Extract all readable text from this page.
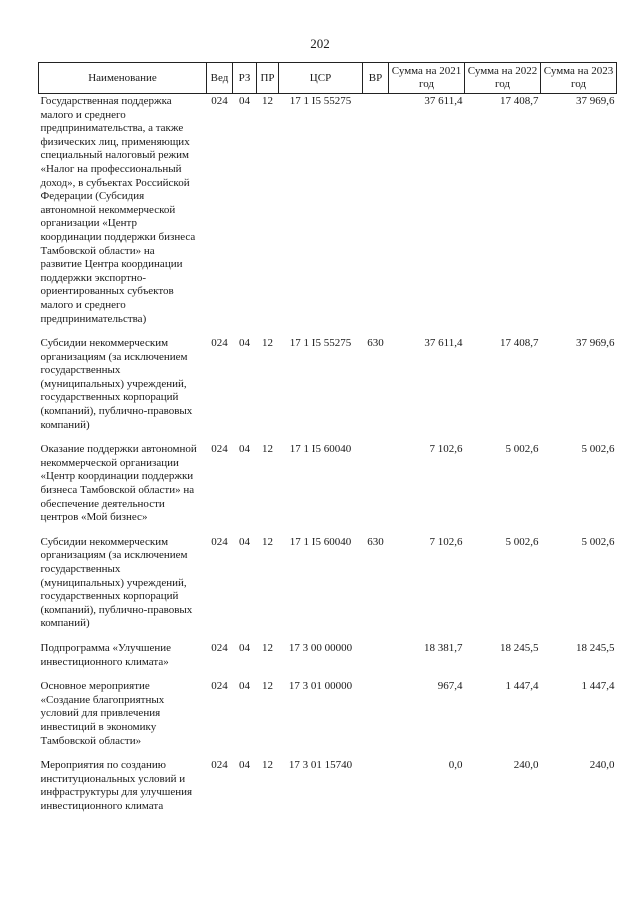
202
Наименование	Вед	РЗ	ПР	ЦСР	ВР	Сумма на 2021 год	Сумма на 2022 год	Сумма на 2023 год
Государственная поддержка малого и среднего предпринимательства, а также физических лиц, применяющих специальный налоговый режим «Налог на профессиональный доход», в субъектах Российской Федерации (Субсидия автономной некоммерческой организации «Центр координации поддержки бизнеса Тамбовской области» на развитие Центра координации поддержки экспортно-ориентированных субъектов малого и среднего предпринимательства)	024	04	12	17 1 I5 55275		37 611,4	17 408,7	37 969,6
Субсидии некоммерческим организациям (за исключением государственных (муниципальных) учреждений, государственных корпораций (компаний), публично-правовых компаний)	024	04	12	17 1 I5 55275	630	37 611,4	17 408,7	37 969,6
Оказание поддержки автономной некоммерческой организации «Центр координации поддержки бизнеса Тамбовской области» на обеспечение деятельности центров «Мой бизнес»	024	04	12	17 1 I5 60040		7 102,6	5 002,6	5 002,6
Субсидии некоммерческим организациям (за исключением государственных (муниципальных) учреждений, государственных корпораций (компаний), публично-правовых компаний)	024	04	12	17 1 I5 60040	630	7 102,6	5 002,6	5 002,6
Подпрограмма «Улучшение инвестиционного климата»	024	04	12	17 3 00 00000		18 381,7	18 245,5	18 245,5
Основное мероприятие «Создание благоприятных условий для привлечения инвестиций в экономику Тамбовской области»	024	04	12	17 3 01 00000		967,4	1 447,4	1 447,4
Мероприятия по созданию институциональных условий и инфраструктуры для улучшения инвестиционного климата	024	04	12	17 3 01 15740		0,0	240,0	240,0
